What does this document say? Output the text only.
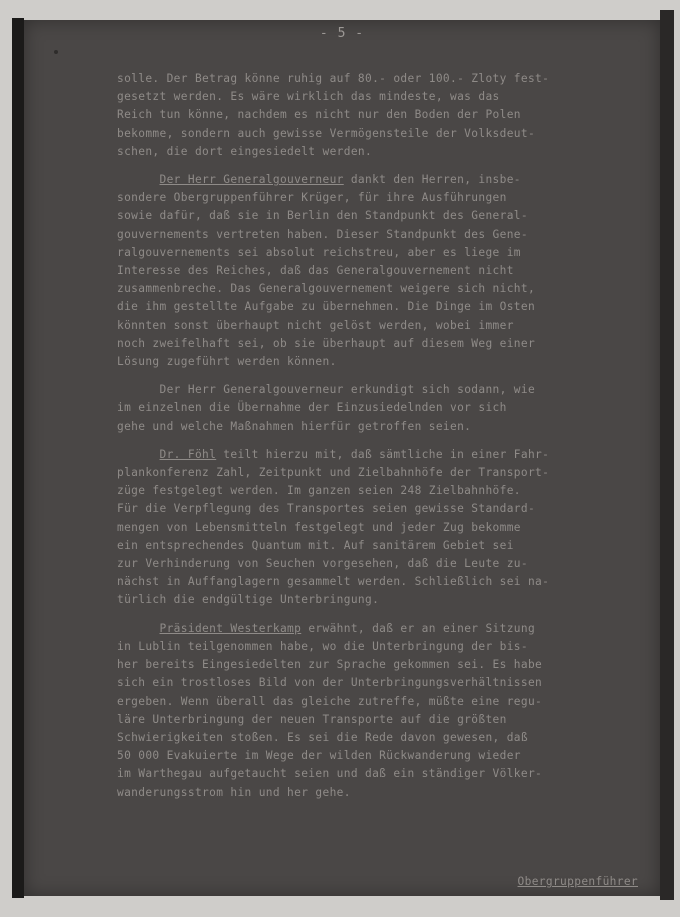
- 5 -

solle. Der Betrag könne ruhig auf 80.- oder 100.- Zloty fest-
gesetzt werden. Es wäre wirklich das mindeste, was das
Reich tun könne, nachdem es nicht nur den Boden der Polen
bekomme, sondern auch gewisse Vermögensteile der Volksdeut-
schen, die dort eingesiedelt werden.

Der Herr Generalgouverneur dankt den Herren, insbe-
sondere Obergruppenführer Krüger, für ihre Ausführungen
sowie dafür, daß sie in Berlin den Standpunkt des General-
gouvernements vertreten haben. Dieser Standpunkt des Gene-
ralgouvernements sei absolut reichstreu, aber es liege im
Interesse des Reiches, daß das Generalgouvernement nicht
zusammenbreche. Das Generalgouvernement weigere sich nicht,
die ihm gestellte Aufgabe zu übernehmen. Die Dinge im Osten
könnten sonst überhaupt nicht gelöst werden, wobei immer
noch zweifelhaft sei, ob sie überhaupt auf diesem Weg einer
Lösung zugeführt werden können.

Der Herr Generalgouverneur erkundigt sich sodann, wie
im einzelnen die Übernahme der Einzusiedelnden vor sich
gehe und welche Maßnahmen hierfür getroffen seien.

Dr. Föhl teilt hierzu mit, daß sämtliche in einer Fahr-
plankonferenz Zahl, Zeitpunkt und Zielbahnhöfe der Transport-
züge festgelegt werden. Im ganzen seien 248 Zielbahnhöfe.
Für die Verpflegung des Transportes seien gewisse Standard-
mengen von Lebensmitteln festgelegt und jeder Zug bekomme
ein entsprechendes Quantum mit. Auf sanitärem Gebiet sei
zur Verhinderung von Seuchen vorgesehen, daß die Leute zu-
nächst in Auffanglagern gesammelt werden. Schließlich sei na-
türlich die endgültige Unterbringung.

Präsident Westerkamp erwähnt, daß er an einer Sitzung
in Lublin teilgenommen habe, wo die Unterbringung der bis-
her bereits Eingesiedelten zur Sprache gekommen sei. Es habe
sich ein trostloses Bild von der Unterbringungsverhältnissen
ergeben. Wenn überall das gleiche zutreffe, müßte eine regu-
läre Unterbringung der neuen Transporte auf die größten
Schwierigkeiten stoßen. Es sei die Rede davon gewesen, daß
50 000 Evakuierte im Wege der wilden Rückwanderung wieder
im Warthegau aufgetaucht seien und daß ein ständiger Völker-
wanderungsstrom hin und her gehe.

Obergruppenführer
